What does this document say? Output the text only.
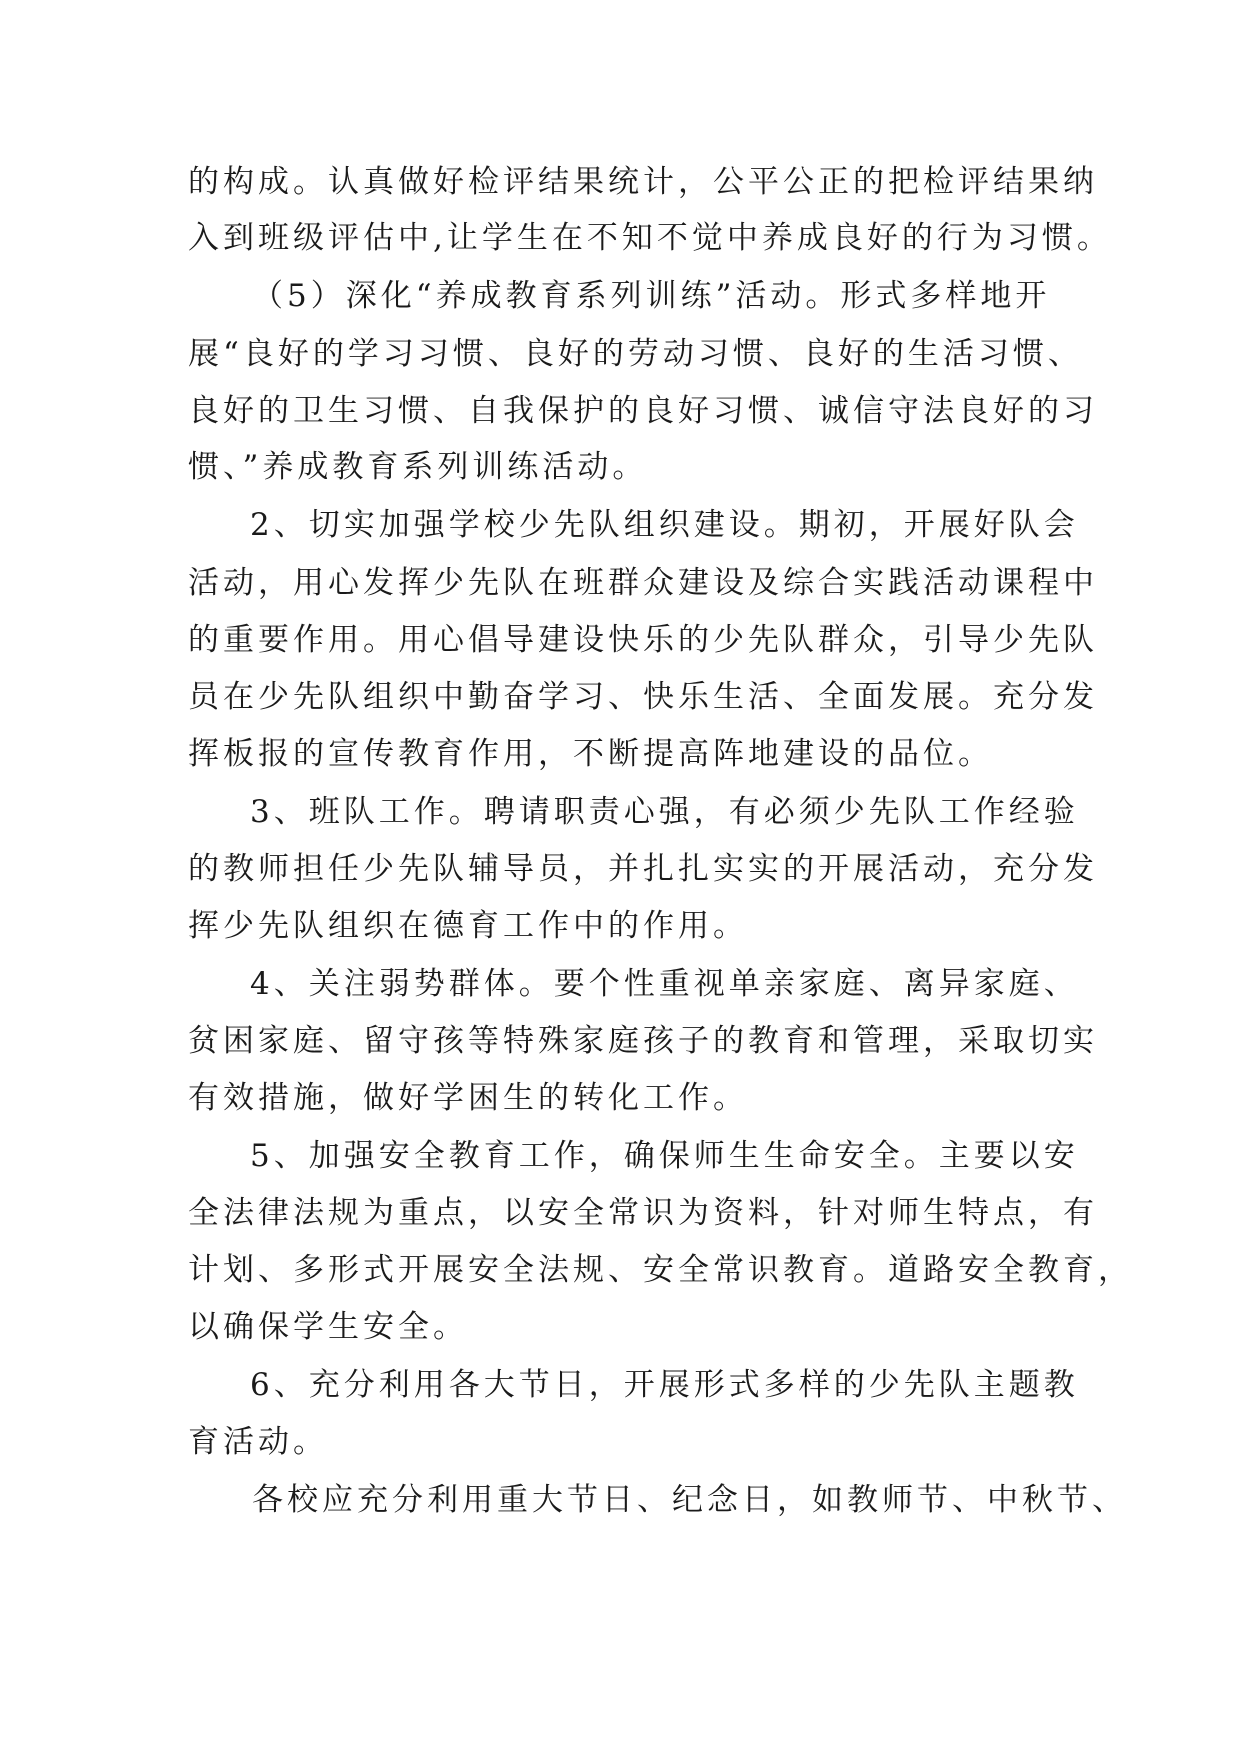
的构成。认真做好检评结果统计，公平公正的把检评结果纳

入到班级评估中,让学生在不知不觉中养成良好的行为习惯。

（5）深化“养成教育系列训练”活动。形式多样地开

展“良好的学习习惯、良好的劳动习惯、良好的生活习惯、

良好的卫生习惯、自我保护的良好习惯、诚信守法良好的习

惯、”养成教育系列训练活动。

2、切实加强学校少先队组织建设。期初，开展好队会

活动，用心发挥少先队在班群众建设及综合实践活动课程中

的重要作用。用心倡导建设快乐的少先队群众，引导少先队

员在少先队组织中勤奋学习、快乐生活、全面发展。充分发

挥板报的宣传教育作用，不断提高阵地建设的品位。

3、班队工作。聘请职责心强，有必须少先队工作经验

的教师担任少先队辅导员，并扎扎实实的开展活动，充分发

挥少先队组织在德育工作中的作用。

4、关注弱势群体。要个性重视单亲家庭、离异家庭、

贫困家庭、留守孩等特殊家庭孩子的教育和管理，采取切实

有效措施，做好学困生的转化工作。

5、加强安全教育工作，确保师生生命安全。主要以安

全法律法规为重点，以安全常识为资料，针对师生特点，有

计划、多形式开展安全法规、安全常识教育。道路安全教育，

以确保学生安全。

6、充分利用各大节日，开展形式多样的少先队主题教

育活动。

各校应充分利用重大节日、纪念日，如教师节、中秋节、
